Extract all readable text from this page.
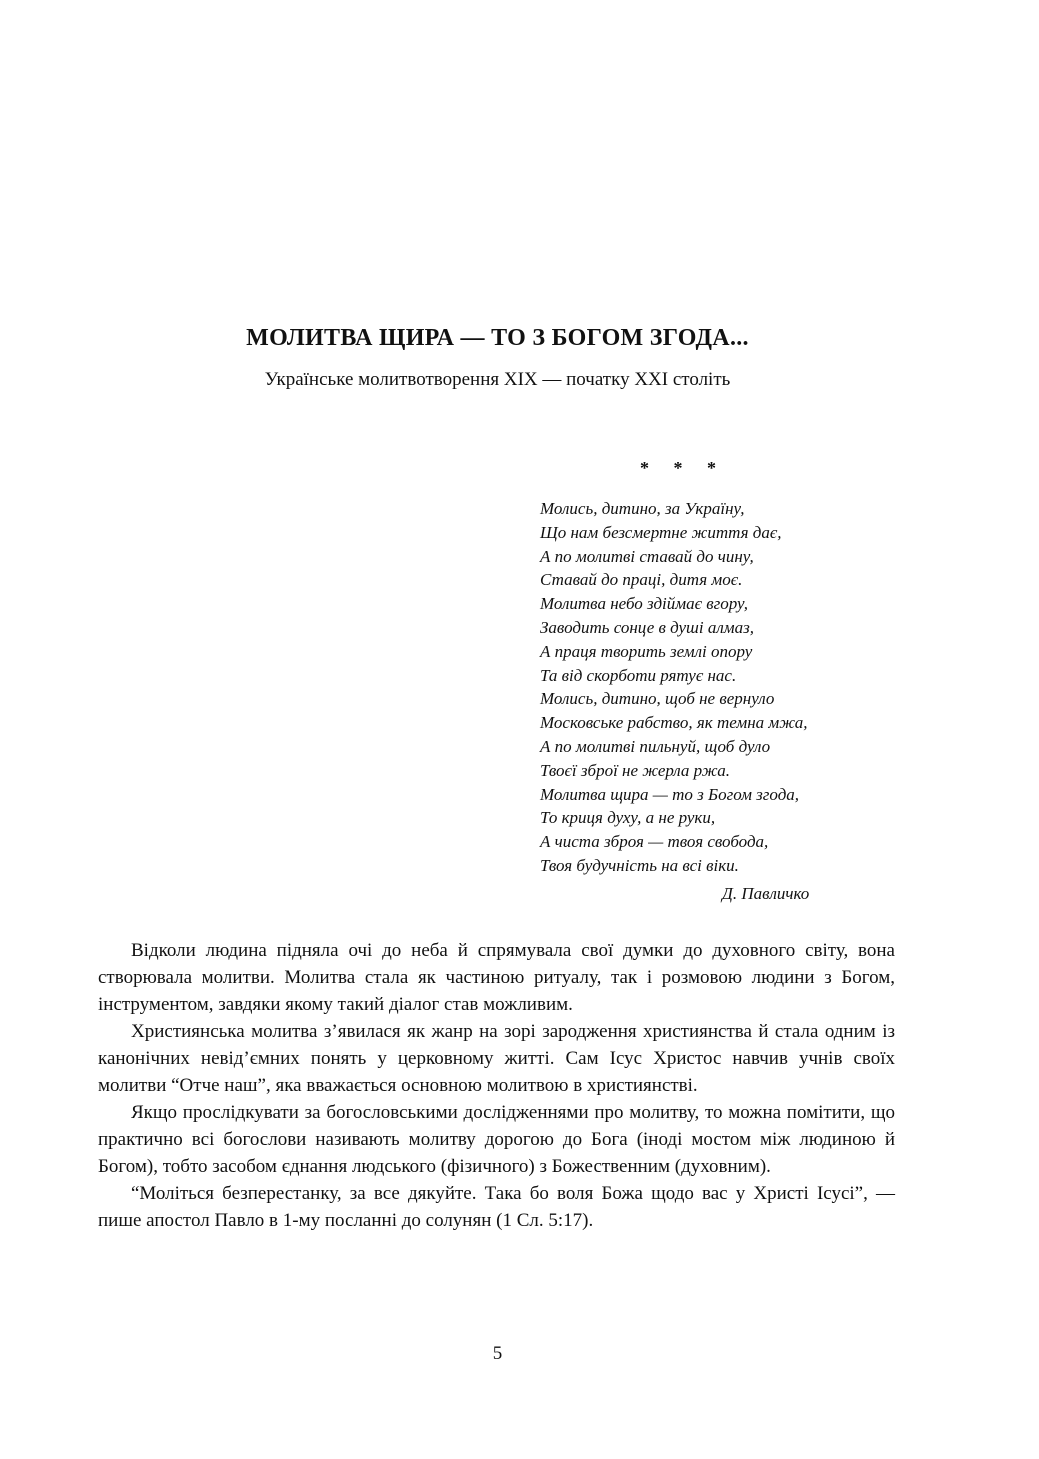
МОЛИТВА ЩИРА — ТО З БОГОМ ЗГОДА...
Українське молитвотворення XIX — початку XXI століть
* * *
Молись, дитино, за Україну,
Що нам безсмертне життя дає,
А по молитві ставай до чину,
Ставай до праці, дитя моє.
Молитва небо здіймає вгору,
Заводить сонце в душі алмаз,
А праця творить землі опору
Та від скорботи рятує нас.
Молись, дитино, щоб не вернуло
Московське рабство, як темна мжа,
А по молитві пильнуй, щоб дуло
Твоєї зброї не жерла ржа.
Молитва щира — то з Богом згода,
То криця духу, а не руки,
А чиста зброя — твоя свобода,
Твоя будучність на всі віки.
Д. Павличко

Відколи людина підняла очі до неба й спрямувала свої думки до духовного світу, вона створювала молитви. Молитва стала як частиною ритуалу, так і розмовою людини з Богом, інструментом, завдяки якому такий діалог став можливим.

Християнська молитва з’явилася як жанр на зорі зародження християнства й стала одним із канонічних невід’ємних понять у церковному житті. Сам Ісус Христос навчив учнів своїх молитви “Отче наш”, яка вважається основною молитвою в християнстві.

Якщо прослідкувати за богословськими дослідженнями про молитву, то можна помітити, що практично всі богослови називають молитву дорогою до Бога (іноді мостом між людиною й Богом), тобто засобом єднання людського (фізичного) з Божественним (духовним).

“Моліться безперестанку, за все дякуйте. Така бо воля Божа щодо вас у Христі Ісусі”, — пише апостол Павло в 1-му посланні до солунян (1 Сл. 5:17).

5
